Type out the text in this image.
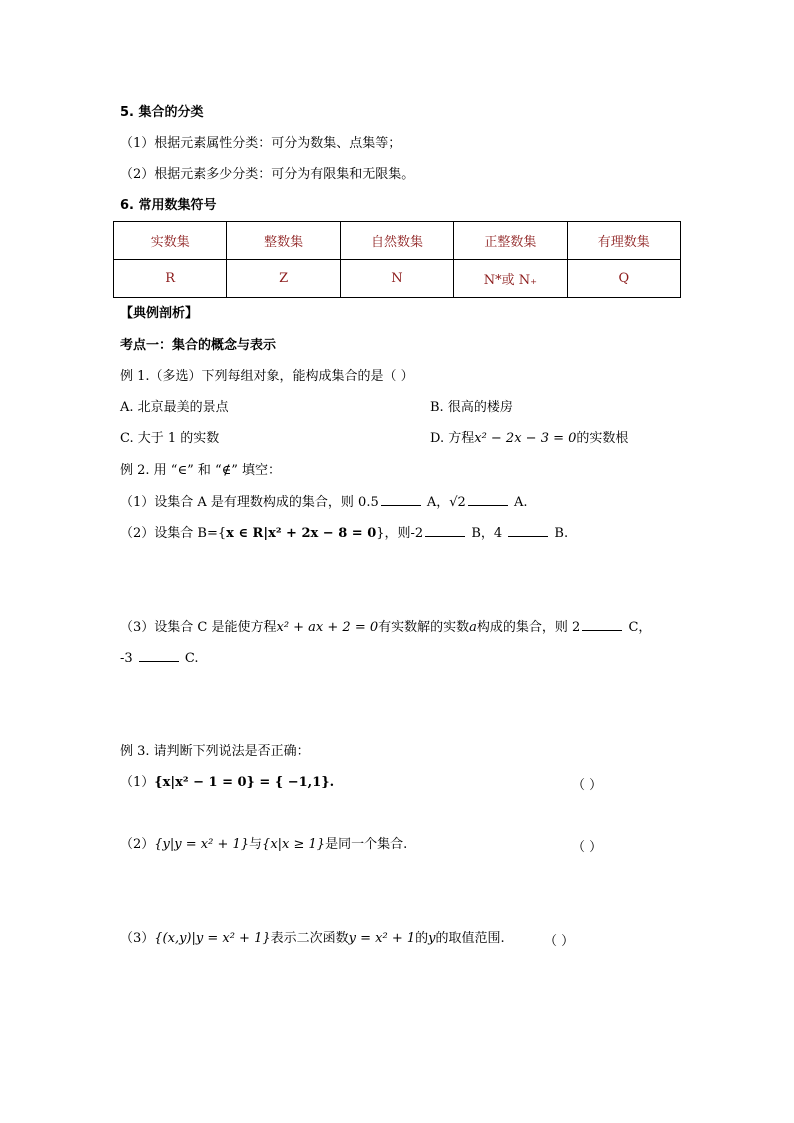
5. 集合的分类
（1）根据元素属性分类：可分为数集、点集等；
（2）根据元素多少分类：可分为有限集和无限集。
6. 常用数集符号
实数集	整数集	自然数集	正整数集	有理数集
R	Z	N	N*或 N₊	Q
【典例剖析】
考点一：集合的概念与表示
例 1.（多选）下列每组对象，能构成集合的是（ ）
A. 北京最美的景点	B. 很高的楼房
C. 大于 1 的实数	D. 方程x² − 2x − 3 = 0的实数根
例 2. 用 “∈” 和 “∉” 填空：
（1）设集合 A 是有理数构成的集合，则 0.5	A，√2	A.
（2）设集合 B={x ∈ R|x² + 2x − 8 = 0}，则-2	B，4	B.
（3）设集合 C 是能使方程x² + ax + 2 = 0有实数解的实数a构成的集合，则 2	C，
-3	C.
例 3. 请判断下列说法是否正确：
（1）{x|x² − 1 = 0} = { −1,1}.	（ ）
（2）{y|y = x² + 1}与{x|x ≥ 1}是同一个集合.	（ ）
（3）{(x,y)|y = x² + 1}表示二次函数y = x² + 1的y的取值范围.	（ ）
